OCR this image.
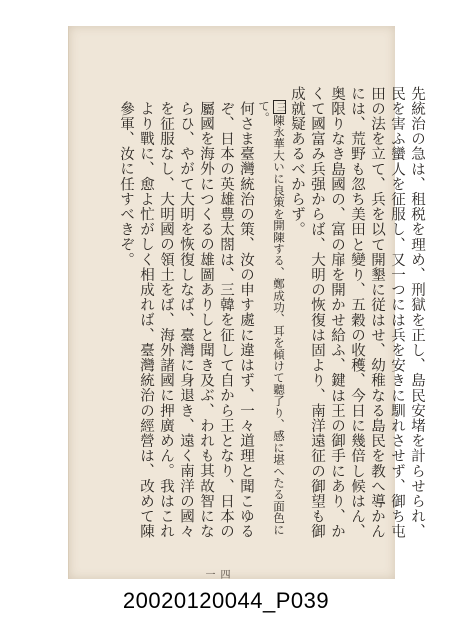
先統治の急は、租税を理め、刑獄を正し、島民安堵を計らせられ、民を害ふ蠻人を征服し、又一つには兵を安きに馴れさせず、御ち屯田の法を立て、兵を以て開墾に従はせ、幼稚なる島民を教へ導かんには、荒野も忽ち美田と變り、五穀の收穫、今日に幾倍し候はん、奥限りなき島國の、富の扉を開かせ給ふ、鍵は王の御手にあり、かくて國富み兵强からば、大明の恢復は固より、南洋遠征の御望も御成就疑あるべからず。

三陳永華大いに良策を開陳する、鄭成功、耳を傾けて聽了り、感に堪へたる面色にて。

何さま臺灣統治の策、汝の申す處に違はず、一々道理と聞こゆるぞ、日本の英雄豊太閤は、三韓を征して自から王となり、日本の屬國を海外につくるの雄圖ありしと聞き及ぶ、われも其故智にならひ、やがて大明を恢復しなば、臺灣に身退き、遠く南洋の國々を征服なし、大明國の領土をば、海外諸國に押廣めん。我はこれより戰に、愈よ忙がしく相成れば、臺灣統治の經營は、改めて陳參軍、汝に任すべきぞ。

四一
20020120044_P039
